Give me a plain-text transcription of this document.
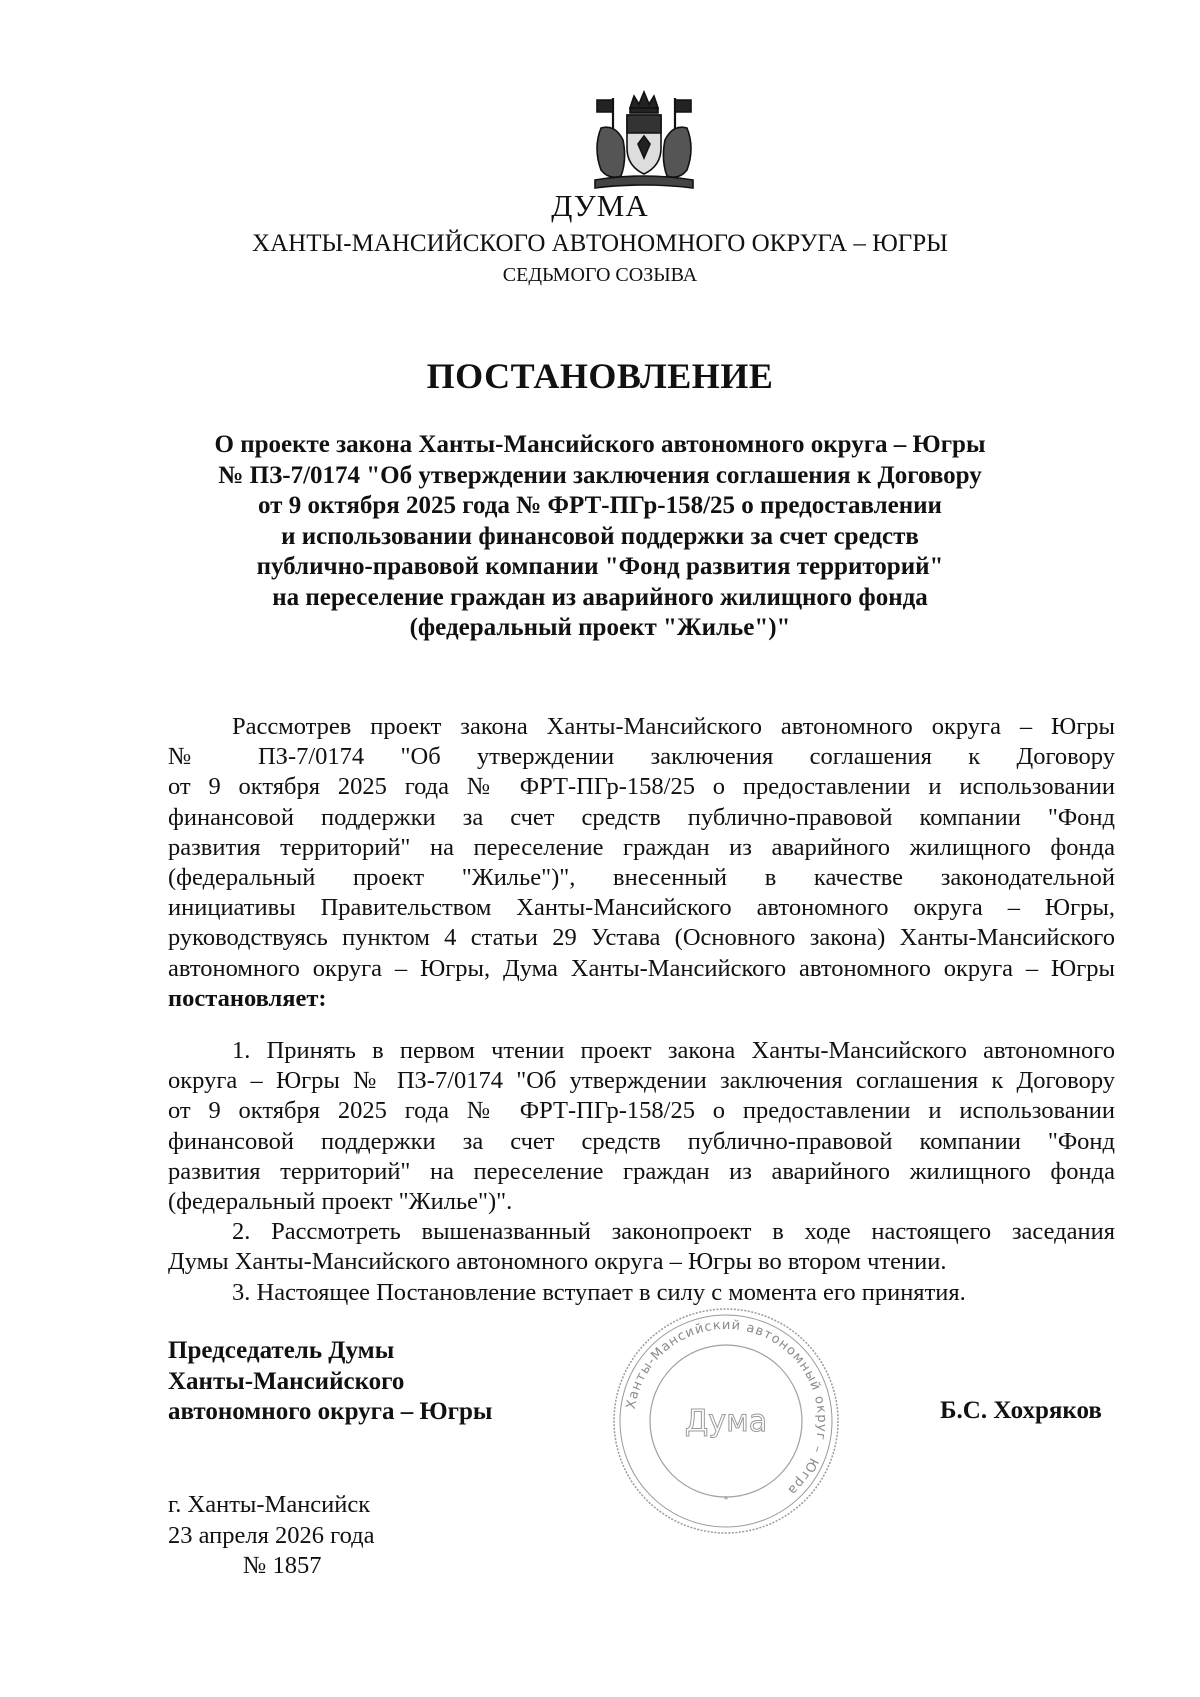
ДУМА
ХАНТЫ-МАНСИЙСКОГО АВТОНОМНОГО ОКРУГА – ЮГРЫ
СЕДЬМОГО СОЗЫВА
ПОСТАНОВЛЕНИЕ
О проекте закона Ханты-Мансийского автономного округа – Югры
№ ПЗ-7/0174 "Об утверждении заключения соглашения к Договору
от 9 октября 2025 года № ФРТ-ПГр-158/25 о предоставлении
и использовании финансовой поддержки за счет средств
публично-правовой компании "Фонд развития территорий"
на переселение граждан из аварийного жилищного фонда
(федеральный проект "Жилье")"
Рассмотрев проект закона Ханты-Мансийского автономного округа – Югры
№ ПЗ-7/0174 "Об утверждении заключения соглашения к Договору
от 9 октября 2025 года № ФРТ-ПГр-158/25 о предоставлении и использовании
финансовой поддержки за счет средств публично-правовой компании "Фонд
развития территорий" на переселение граждан из аварийного жилищного фонда
(федеральный проект "Жилье")", внесенный в качестве законодательной
инициативы Правительством Ханты-Мансийского автономного округа – Югры,
руководствуясь пунктом 4 статьи 29 Устава (Основного закона) Ханты-Мансийского
автономного округа – Югры, Дума Ханты-Мансийского автономного округа – Югры
постановляет:
1. Принять в первом чтении проект закона Ханты-Мансийского автономного
округа – Югры № ПЗ-7/0174 "Об утверждении заключения соглашения к Договору
от 9 октября 2025 года № ФРТ-ПГр-158/25 о предоставлении и использовании
финансовой поддержки за счет средств публично-правовой компании "Фонд
развития территорий" на переселение граждан из аварийного жилищного фонда
(федеральный проект "Жилье")".
2. Рассмотреть вышеназванный законопроект в ходе настоящего заседания
Думы Ханты-Мансийского автономного округа – Югры во втором чтении.
3. Настоящее Постановление вступает в силу с момента его принятия.
Председатель Думы
Ханты-Мансийского
автономного округа – Югры	Ханты-Мансийский автономный округ – Югра
Дума
*
Б.С. Хохряков
г. Ханты-Мансийск
23 апреля 2026 года
№ 1857
